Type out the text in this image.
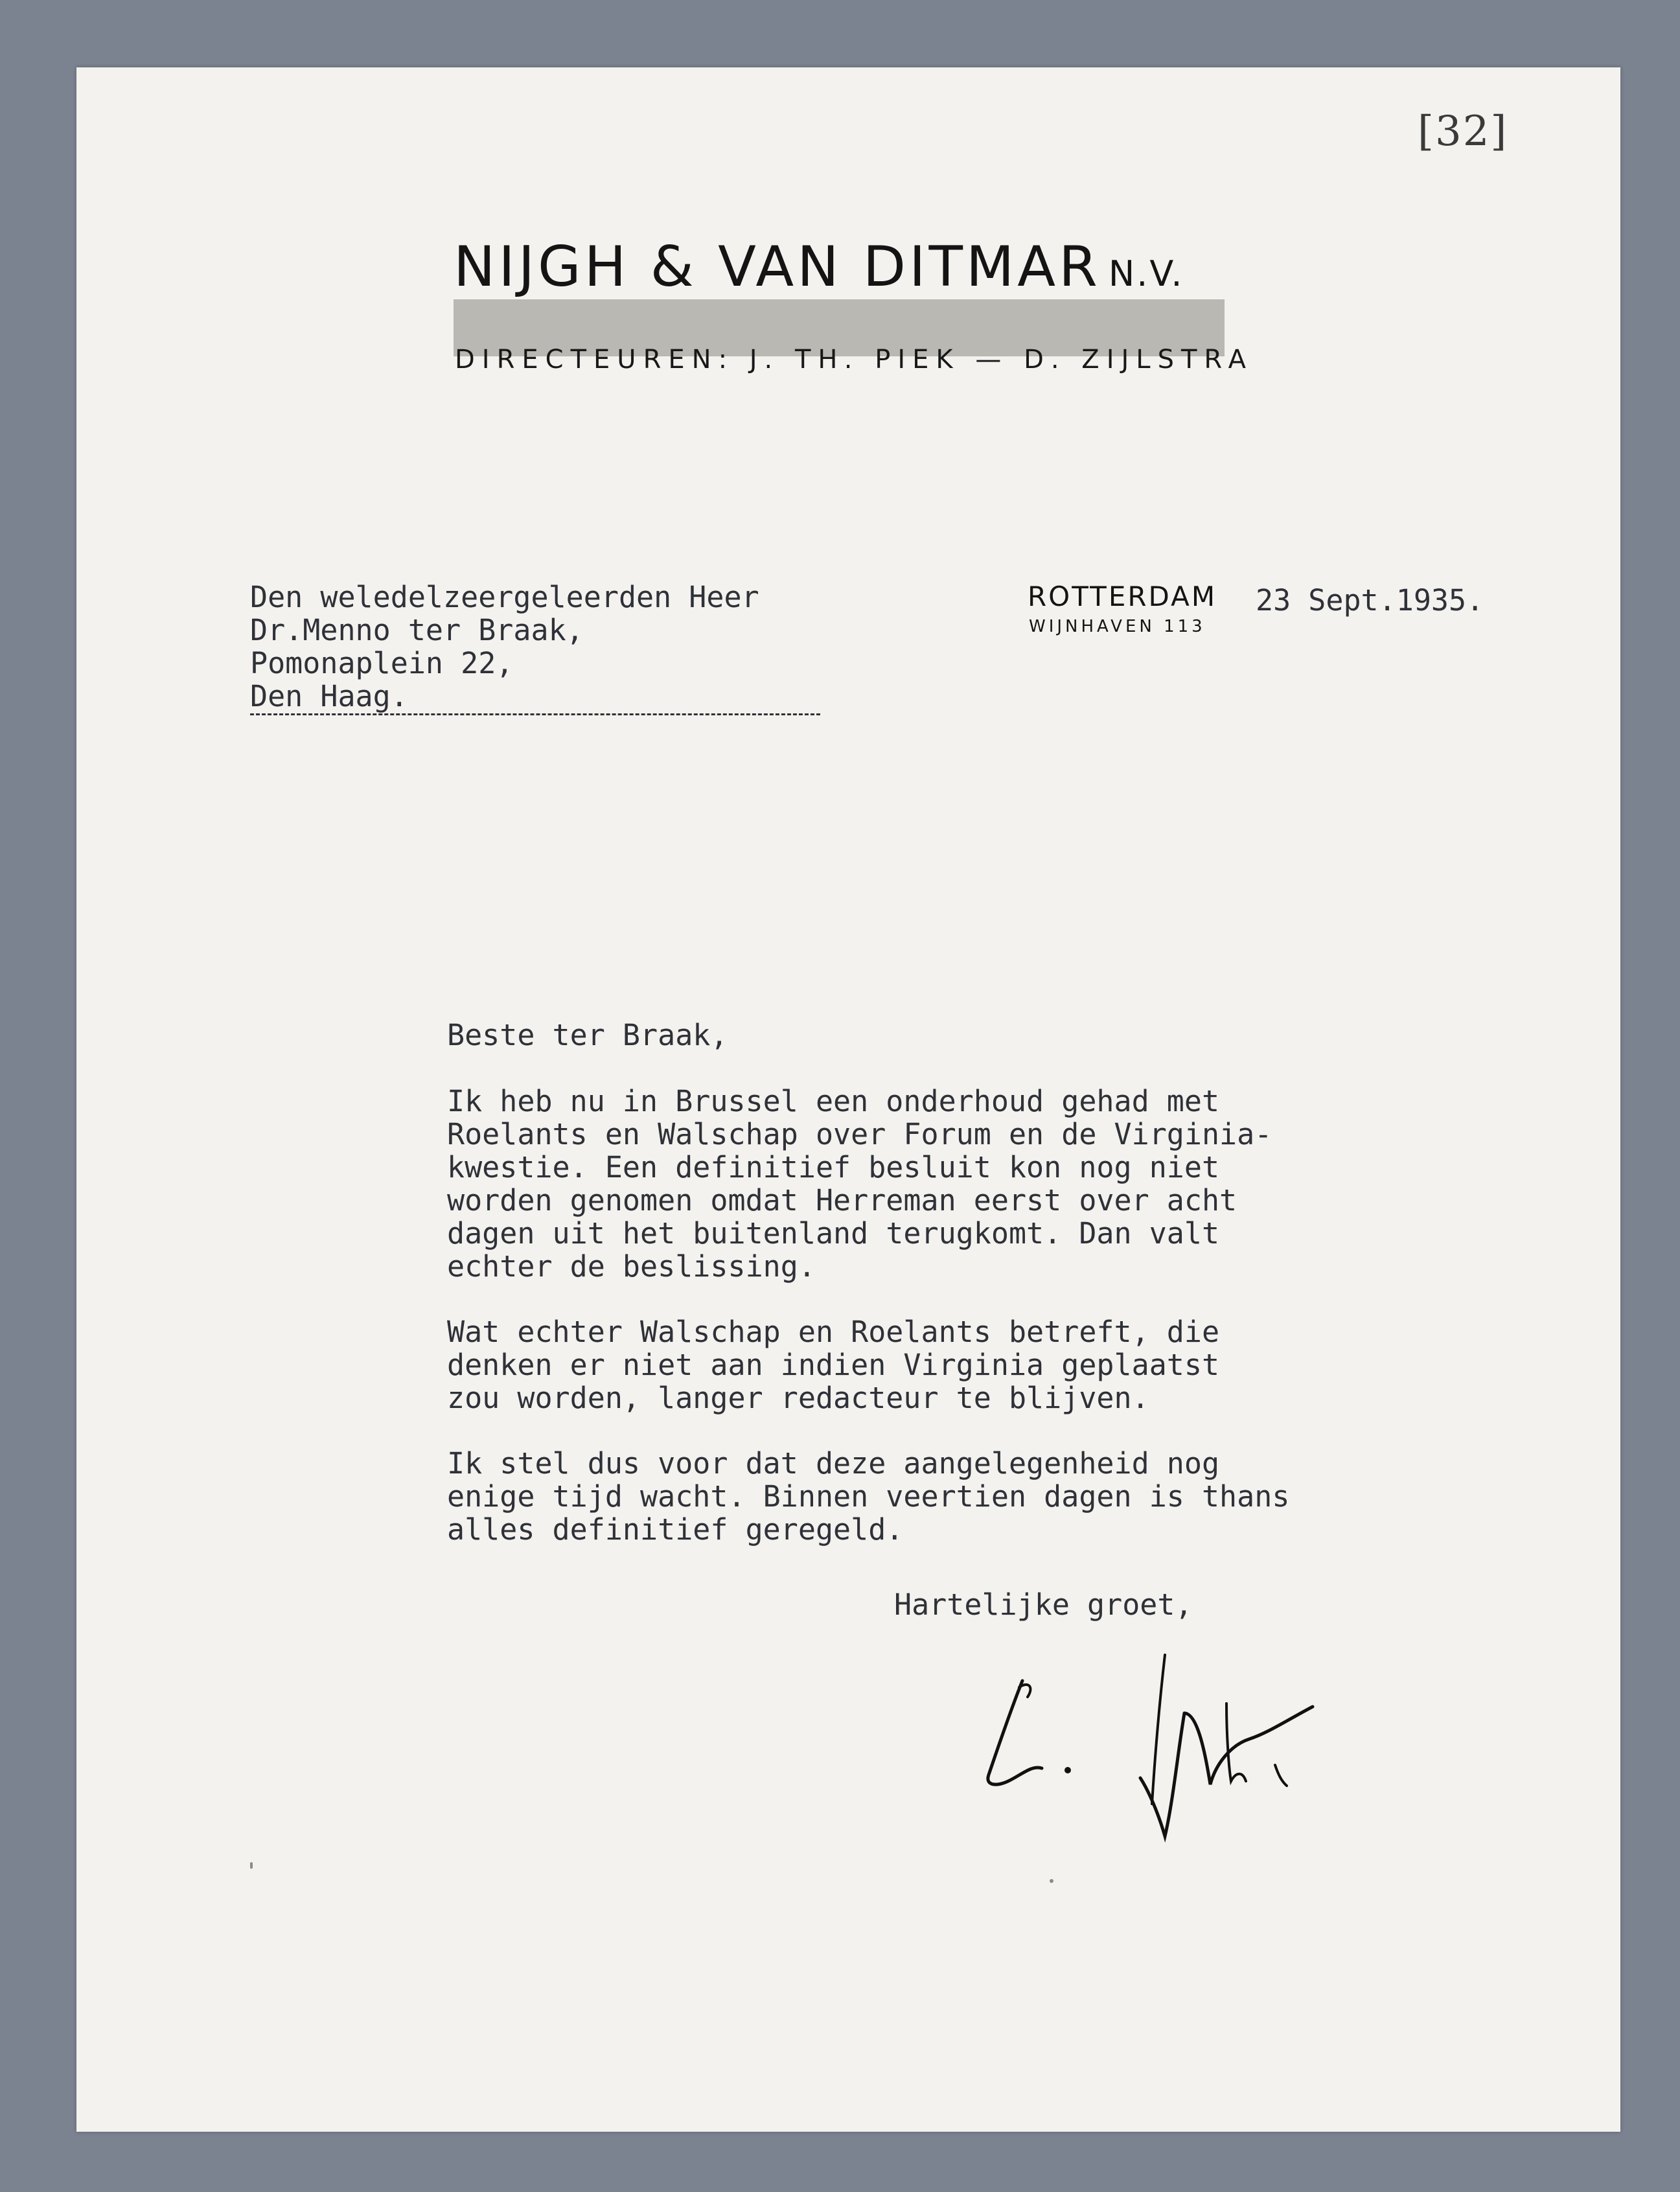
[32]
NIJGH & VAN DITMAR N.V.
DIRECTEUREN: J. TH. PIEK — D. ZIJLSTRA
Den weledelzeergeleerden Heer
Dr.Menno ter Braak,
Pomonaplein 22,
Den Haag.
ROTTERDAM
WIJNHAVEN 113
23 Sept.1935.
Beste ter Braak,

Ik heb nu in Brussel een onderhoud gehad met
Roelants en Walschap over Forum en de Virginia-
kwestie. Een definitief besluit kon nog niet
worden genomen omdat Herreman eerst over acht
dagen uit het buitenland terugkomt. Dan valt
echter de beslissing.

Wat echter Walschap en Roelants betreft, die
denken er niet aan indien Virginia geplaatst
zou worden, langer redacteur te blijven.

Ik stel dus voor dat deze aangelegenheid nog
enige tijd wacht. Binnen veertien dagen is thans
alles definitief geregeld.

Hartelijke groet,
